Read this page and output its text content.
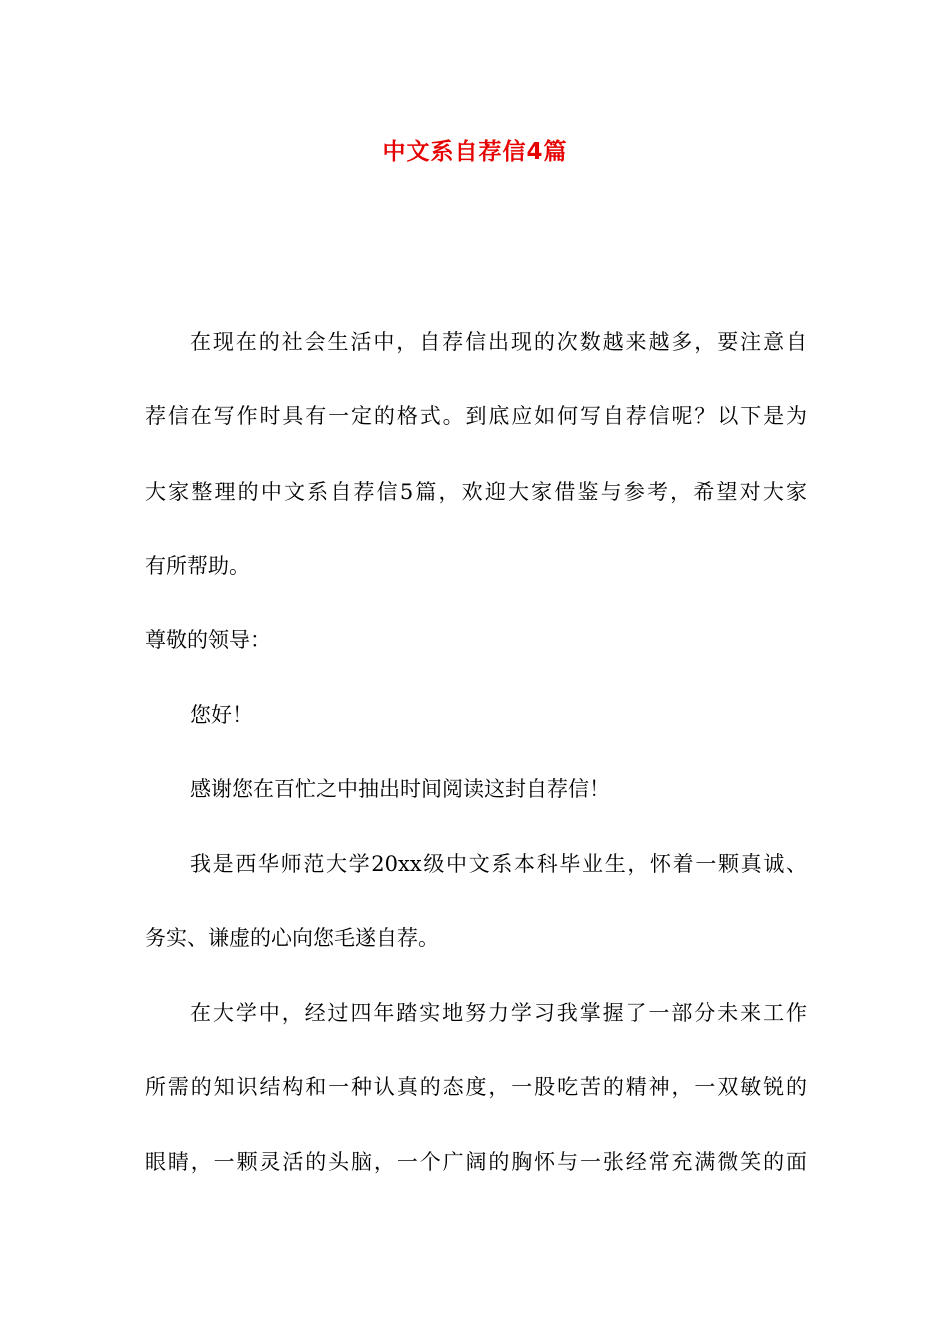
中文系自荐信4篇

在现在的社会生活中，自荐信出现的次数越来越多，要注意自

荐信在写作时具有一定的格式。到底应如何写自荐信呢？以下是为

大家整理的中文系自荐信5篇，欢迎大家借鉴与参考，希望对大家

有所帮助。

尊敬的领导：

您好！

感谢您在百忙之中抽出时间阅读这封自荐信！

我是西华师范大学20xx级中文系本科毕业生，怀着一颗真诚、

务实、谦虚的心向您毛遂自荐。

在大学中，经过四年踏实地努力学习我掌握了一部分未来工作

所需的知识结构和一种认真的态度，一股吃苦的精神，一双敏锐的

眼睛，一颗灵活的头脑，一个广阔的胸怀与一张经常充满微笑的面
